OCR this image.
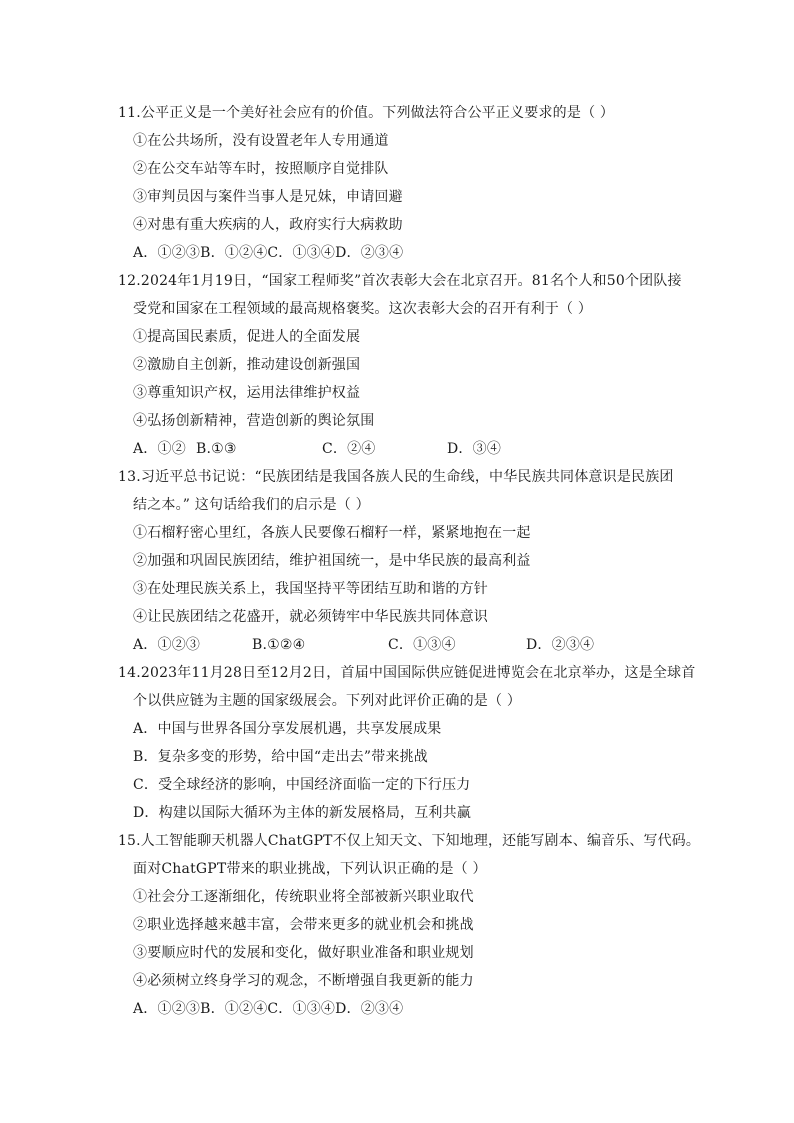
11.公平正义是一个美好社会应有的价值。下列做法符合公平正义要求的是（ ）
①在公共场所，没有设置老年人专用通道
②在公交车站等车时，按照顺序自觉排队
③审判员因与案件当事人是兄妹，申请回避
④对患有重大疾病的人，政府实行大病救助
A．①②③B．①②④C．①③④D．②③④
12.2024年1月19日，“国家工程师奖”首次表彰大会在北京召开。81名个人和50个团队接
受党和国家在工程领域的最高规格褒奖。这次表彰大会的召开有利于（ ）
①提高国民素质，促进人的全面发展
②激励自主创新，推动建设创新强国
③尊重知识产权，运用法律维护权益
④弘扬创新精神，营造创新的舆论氛围
A．①② B.①③	C．②④	D．③④
13.习近平总书记说：“民族团结是我国各族人民的生命线，中华民族共同体意识是民族团
结之本。” 这句话给我们的启示是（ ）
①石榴籽密心里红，各族人民要像石榴籽一样，紧紧地抱在一起
②加强和巩固民族团结，维护祖国统一，是中华民族的最高利益
③在处理民族关系上，我国坚持平等团结互助和谐的方针
④让民族团结之花盛开，就必须铸牢中华民族共同体意识
A．①②③	B.①②④	C．①③④	D．②③④
14.2023年11月28日至12月2日，首届中国国际供应链促进博览会在北京举办，这是全球首
个以供应链为主题的国家级展会。下列对此评价正确的是（ ）
A．中国与世界各国分享发展机遇，共享发展成果
B．复杂多变的形势，给中国“走出去”带来挑战
C．受全球经济的影响，中国经济面临一定的下行压力
D．构建以国际大循环为主体的新发展格局，互利共赢
15.人工智能聊天机器人ChatGPT不仅上知天文、下知地理，还能写剧本、编音乐、写代码。
面对ChatGPT带来的职业挑战，下列认识正确的是（ ）
①社会分工逐渐细化，传统职业将全部被新兴职业取代
②职业选择越来越丰富，会带来更多的就业机会和挑战
③要顺应时代的发展和变化，做好职业准备和职业规划
④必须树立终身学习的观念，不断增强自我更新的能力
A．①②③B．①②④C．①③④D．②③④
